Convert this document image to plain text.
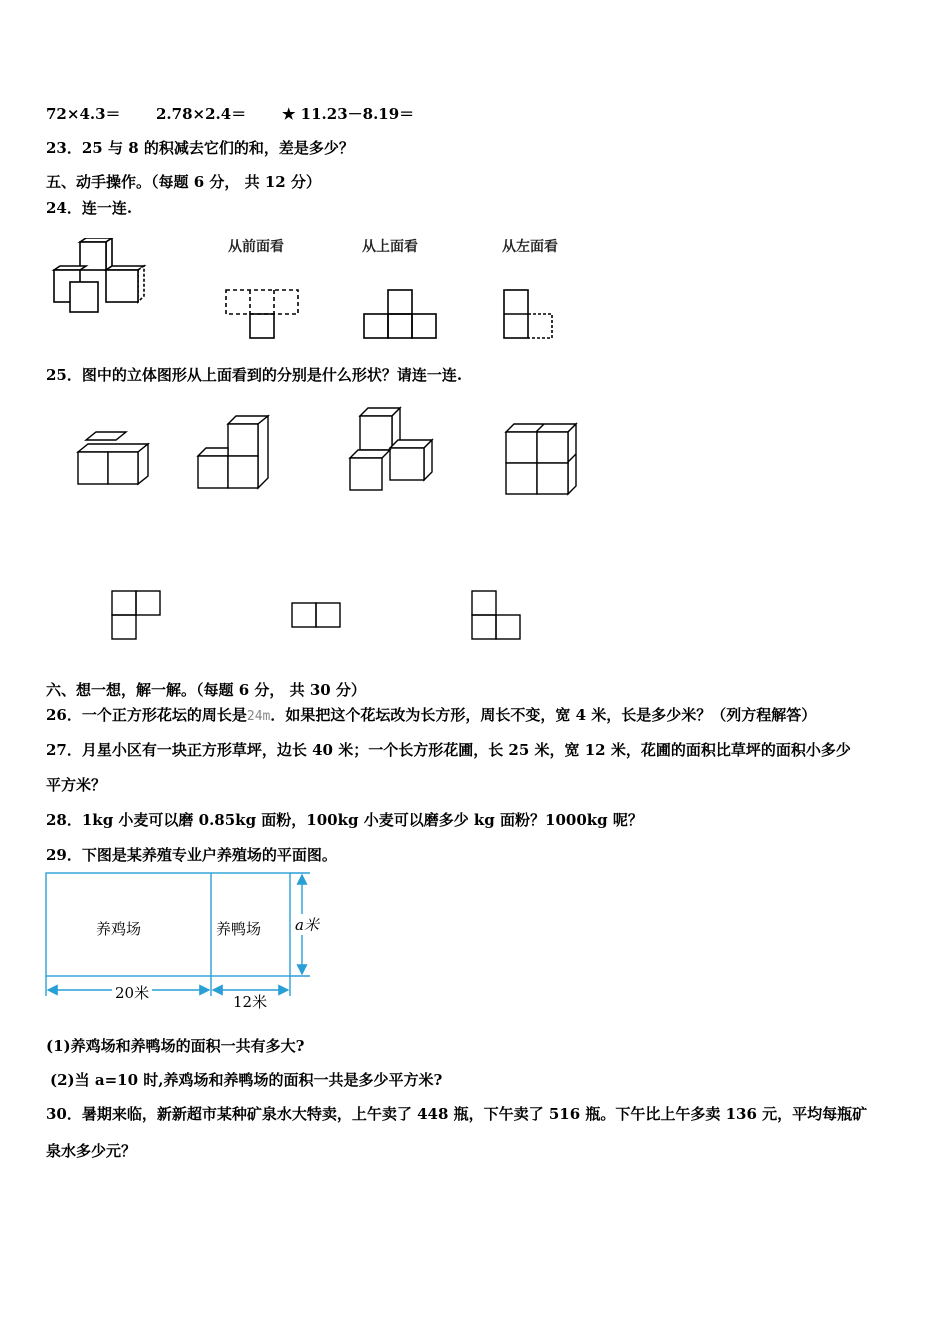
72×4.3＝ 2.78×2.4＝ ★ 11.23－8.19＝
23．25 与 8 的积减去它们的和，差是多少？
五、动手操作。（每题 6 分， 共 12 分）
24．连一连.
从前面看	从上面看	从左面看
25．图中的立体图形从上面看到的分别是什么形状？请连一连.
六、想一想，解一解。（每题 6 分， 共 30 分）
26．一个正方形花坛的周长是24m．如果把这个花坛改为长方形，周长不变，宽 4 米，长是多少米？（列方程解答）
27．月星小区有一块正方形草坪，边长 40 米；一个长方形花圃，长 25 米，宽 12 米，花圃的面积比草坪的面积小多少
平方米？
28．1kg 小麦可以磨 0.85kg 面粉，100kg 小麦可以磨多少 kg 面粉？1000kg 呢？
29．下图是某养殖专业户养殖场的平面图。
养鸡场	养鸭场 a米
20米	12米
(1)养鸡场和养鸭场的面积一共有多大?
(2)当 a=10 时,养鸡场和养鸭场的面积一共是多少平方米?
30．暑期来临，新新超市某种矿泉水大特卖，上午卖了 448 瓶，下午卖了 516 瓶。下午比上午多卖 136 元，平均每瓶矿
泉水多少元？
